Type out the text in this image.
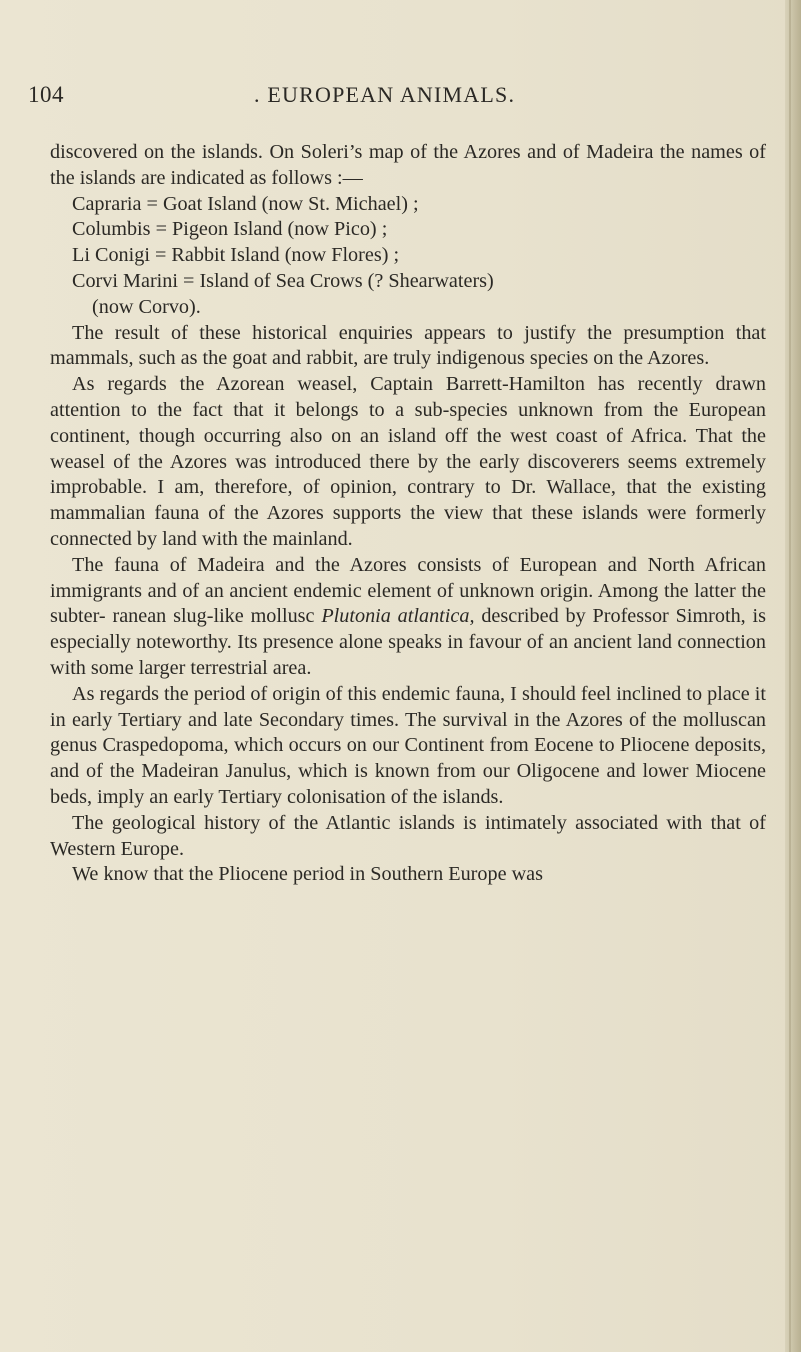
104	. EUROPEAN ANIMALS.

discovered on the islands. On Soleri’s map of the Azores and of Madeira the names of the islands are indicated as follows :—

Capraria = Goat Island (now St. Michael) ;
Columbis = Pigeon Island (now Pico) ;
Li Conigi = Rabbit Island (now Flores) ;
Corvi Marini = Island of Sea Crows (? Shearwaters)
(now Corvo).

The result of these historical enquiries appears to justify the presumption that mammals, such as the goat and rabbit, are truly indigenous species on the Azores.

As regards the Azorean weasel, Captain Barrett-Hamilton has recently drawn attention to the fact that it belongs to a sub-species unknown from the European continent, though occurring also on an island off the west coast of Africa. That the weasel of the Azores was introduced there by the early discoverers seems extremely improbable. I am, therefore, of opinion, contrary to Dr. Wallace, that the existing mammalian fauna of the Azores supports the view that these islands were formerly connected by land with the mainland.

The fauna of Madeira and the Azores consists of European and North African immigrants and of an ancient endemic element of unknown origin. Among the latter the subter- ranean slug-like mollusc Plutonia atlantica, described by Professor Simroth, is especially noteworthy. Its presence alone speaks in favour of an ancient land connection with some larger terrestrial area.

As regards the period of origin of this endemic fauna, I should feel inclined to place it in early Tertiary and late Secondary times. The survival in the Azores of the molluscan genus Craspedopoma, which occurs on our Continent from Eocene to Pliocene deposits, and of the Madeiran Janulus, which is known from our Oligocene and lower Miocene beds, imply an early Tertiary colonisation of the islands.

The geological history of the Atlantic islands is intimately associated with that of Western Europe.

We know that the Pliocene period in Southern Europe was
